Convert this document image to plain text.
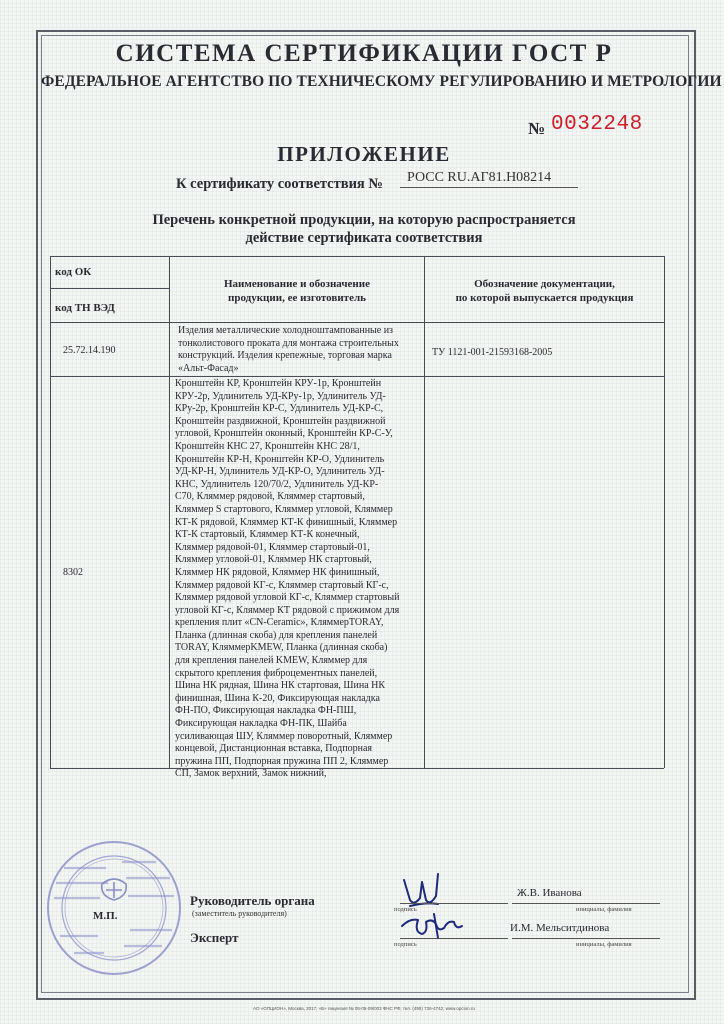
СИСТЕМА СЕРТИФИКАЦИИ ГОСТ Р
ФЕДЕРАЛЬНОЕ АГЕНТСТВО ПО ТЕХНИЧЕСКОМУ РЕГУЛИРОВАНИЮ И МЕТРОЛОГИИ
№ 0032248
ПРИЛОЖЕНИЕ
К сертификату соответствия № РОСС RU.АГ81.Н08214
Перечень конкретной продукции, на которую распространяется
действие сертификата соответствия
код ОК
код ТН ВЭД
Наименование и обозначение
продукции, ее изготовитель
Обозначение документации,
по которой выпускается продукция
25.72.14.190
Изделия металлические холодноштампованные из
тонколистового проката для монтажа строительных
конструкций. Изделия крепежные, торговая марка
«Альт-Фасад»
ТУ 1121-001-21593168-2005
8302
Кронштейн КР, Кронштейн КРУ-1р, Кронштейн
КРУ-2р, Удлинитель УД-КРу-1р, Удлинитель УД-
КРу-2р, Кронштейн КР-С, Удлинитель УД-КР-С,
Кронштейн раздвижной, Кронштейн раздвижной
угловой, Кронштейн оконный, Кронштейн КР-С-У,
Кронштейн КНС 27, Кронштейн КНС 28/1,
Кронштейн КР-Н, Кронштейн КР-О, Удлинитель
УД-КР-Н, Удлинитель УД-КР-О, Удлинитель УД-
КНС, Удлинитель 120/70/2, Удлинитель УД-КР-
С70, Кляммер рядовой, Кляммер стартовый,
Кляммер S стартового, Кляммер угловой, Кляммер
КТ-К рядовой, Кляммер КТ-К финишный, Кляммер
КТ-К стартовый, Кляммер КТ-К конечный,
Кляммер рядовой-01, Кляммер стартовый-01,
Кляммер угловой-01, Кляммер НК стартовый,
Кляммер НК рядовой, Кляммер НК финишный,
Кляммер рядовой КГ-с, Кляммер стартовый КГ-с,
Кляммер рядовой угловой КГ-с, Кляммер стартовый
угловой КГ-с, Кляммер КТ рядовой с прижимом для
крепления плит «CN-Ceramic», КляммерTORAY,
Планка (длинная скоба) для крепления панелей
TORAY, КляммерKMEW, Планка (длинная скоба)
для крепления панелей KMEW, Кляммер для
скрытого крепления фиброцементных панелей,
Шина НК рядная, Шина НК стартовая, Шина НК
финишная, Шина К-20, Фиксирующая накладка
ФН-ПО, Фиксирующая накладка ФН-ПШ,
Фиксирующая накладка ФН-ПК, Шайба
усиливающая ШУ, Кляммер поворотный, Кляммер
концевой, Дистанционная вставка, Подпорная
пружина ПП, Подпорная пружина ПП 2, Кляммер
СП, Замок верхний, Замок нижний,
М.П.
Руководитель органа
(заместитель руководителя)
Эксперт
подпись
подпись
Ж.В. Иванова
инициалы, фамилия
И.М. Мельситдинова
инициалы, фамилия
АО «ОПЦИОН», Москва, 2017, «Б» лицензия № 05-05-09/003 ФНС РФ, тел. (495) 726-4742, www.opcion.ru
